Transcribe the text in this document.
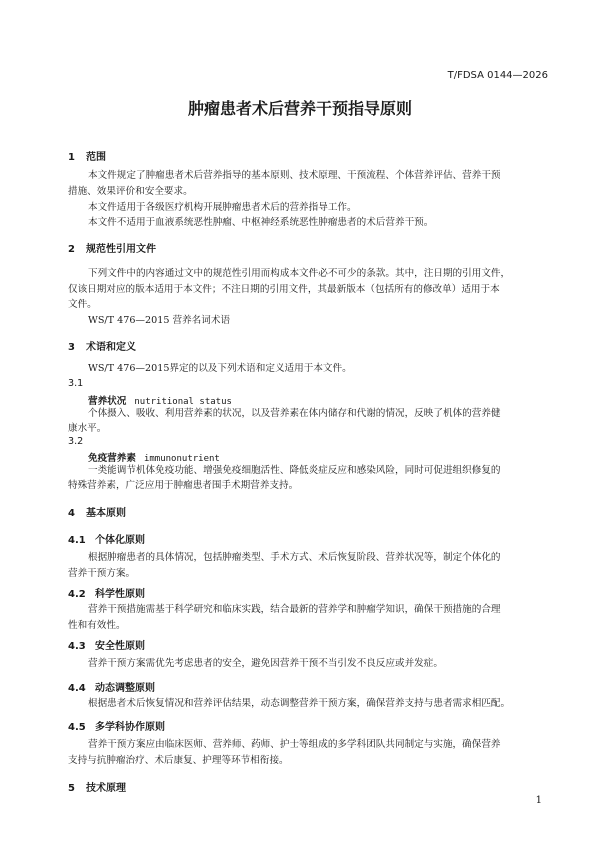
T/FDSA 0144—2026
肿瘤患者术后营养干预指导原则
1 范围
本文件规定了肿瘤患者术后营养指导的基本原则、技术原理、干预流程、个体营养评估、营养干预
措施、效果评价和安全要求。
本文件适用于各级医疗机构开展肿瘤患者术后的营养指导工作。
本文件不适用于血液系统恶性肿瘤、中枢神经系统恶性肿瘤患者的术后营养干预。
2 规范性引用文件
下列文件中的内容通过文中的规范性引用而构成本文件必不可少的条款。其中，注日期的引用文件，
仅该日期对应的版本适用于本文件；不注日期的引用文件，其最新版本（包括所有的修改单）适用于本
文件。
WS/T 476—2015 营养名词术语
3 术语和定义
WS/T 476—2015界定的以及下列术语和定义适用于本文件。
3.1
营养状况 nutritional status
个体摄入、吸收、利用营养素的状况，以及营养素在体内储存和代谢的情况，反映了机体的营养健
康水平。
3.2
免疫营养素 immunonutrient
一类能调节机体免疫功能、增强免疫细胞活性、降低炎症反应和感染风险，同时可促进组织修复的
特殊营养素，广泛应用于肿瘤患者围手术期营养支持。
4 基本原则
4.1 个体化原则
根据肿瘤患者的具体情况，包括肿瘤类型、手术方式、术后恢复阶段、营养状况等，制定个体化的
营养干预方案。
4.2 科学性原则
营养干预措施需基于科学研究和临床实践，结合最新的营养学和肿瘤学知识，确保干预措施的合理
性和有效性。
4.3 安全性原则
营养干预方案需优先考虑患者的安全，避免因营养干预不当引发不良反应或并发症。
4.4 动态调整原则
根据患者术后恢复情况和营养评估结果，动态调整营养干预方案，确保营养支持与患者需求相匹配。
4.5 多学科协作原则
营养干预方案应由临床医师、营养师、药师、护士等组成的多学科团队共同制定与实施，确保营养
支持与抗肿瘤治疗、术后康复、护理等环节相衔接。
5 技术原理
1
